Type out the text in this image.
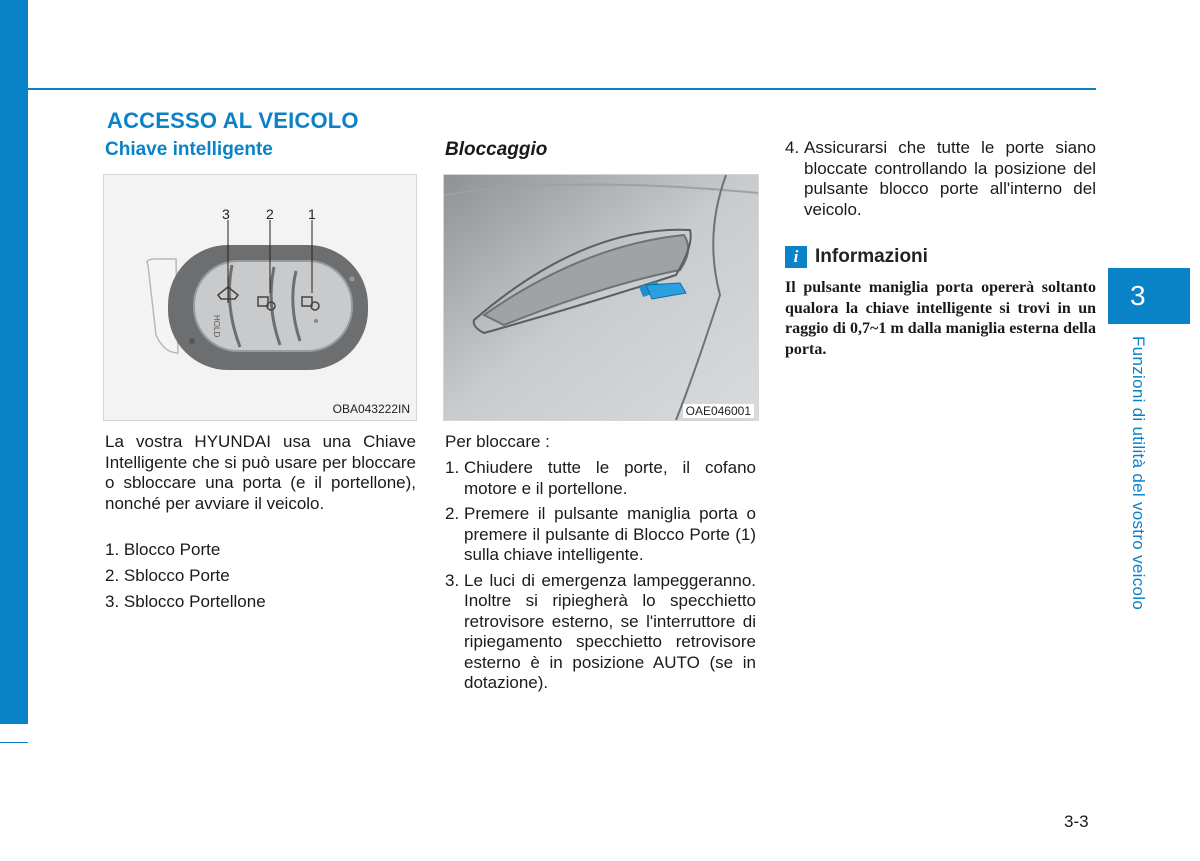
ACCESSO AL VEICOLO
Chiave intelligente	Bloccaggio
HOLD
3	2 1
OBA043222IN	OAE046001
La vostra HYUNDAI usa una Chiave Intelligente che si può usare per bloccare o sbloccare una porta (e il portellone), nonché per avviare il veicolo.
1. Blocco Porte
2. Sblocco Porte
3. Sblocco Portellone
Per bloccare :
1. Chiudere tutte le porte, il cofano motore e il portellone.
2. Premere il pulsante maniglia porta o premere il pulsante di Blocco Porte (1) sulla chiave intelligente.
3. Le luci di emergenza lampeggeranno. Inoltre si ripiegherà lo specchietto retrovisore esterno, se l'interruttore di ripiegamento specchietto retrovisore esterno è in posizione AUTO (se in dotazione).
4. Assicurarsi che tutte le porte siano bloccate controllando la posizione del pulsante blocco porte all'interno del veicolo.
i Informazioni
Il pulsante maniglia porta opererà soltanto qualora la chiave intelligente si trovi in un raggio di 0,7~1 m dalla maniglia esterna della porta.
3
Funzioni di utilità del vostro veicolo
3-3
